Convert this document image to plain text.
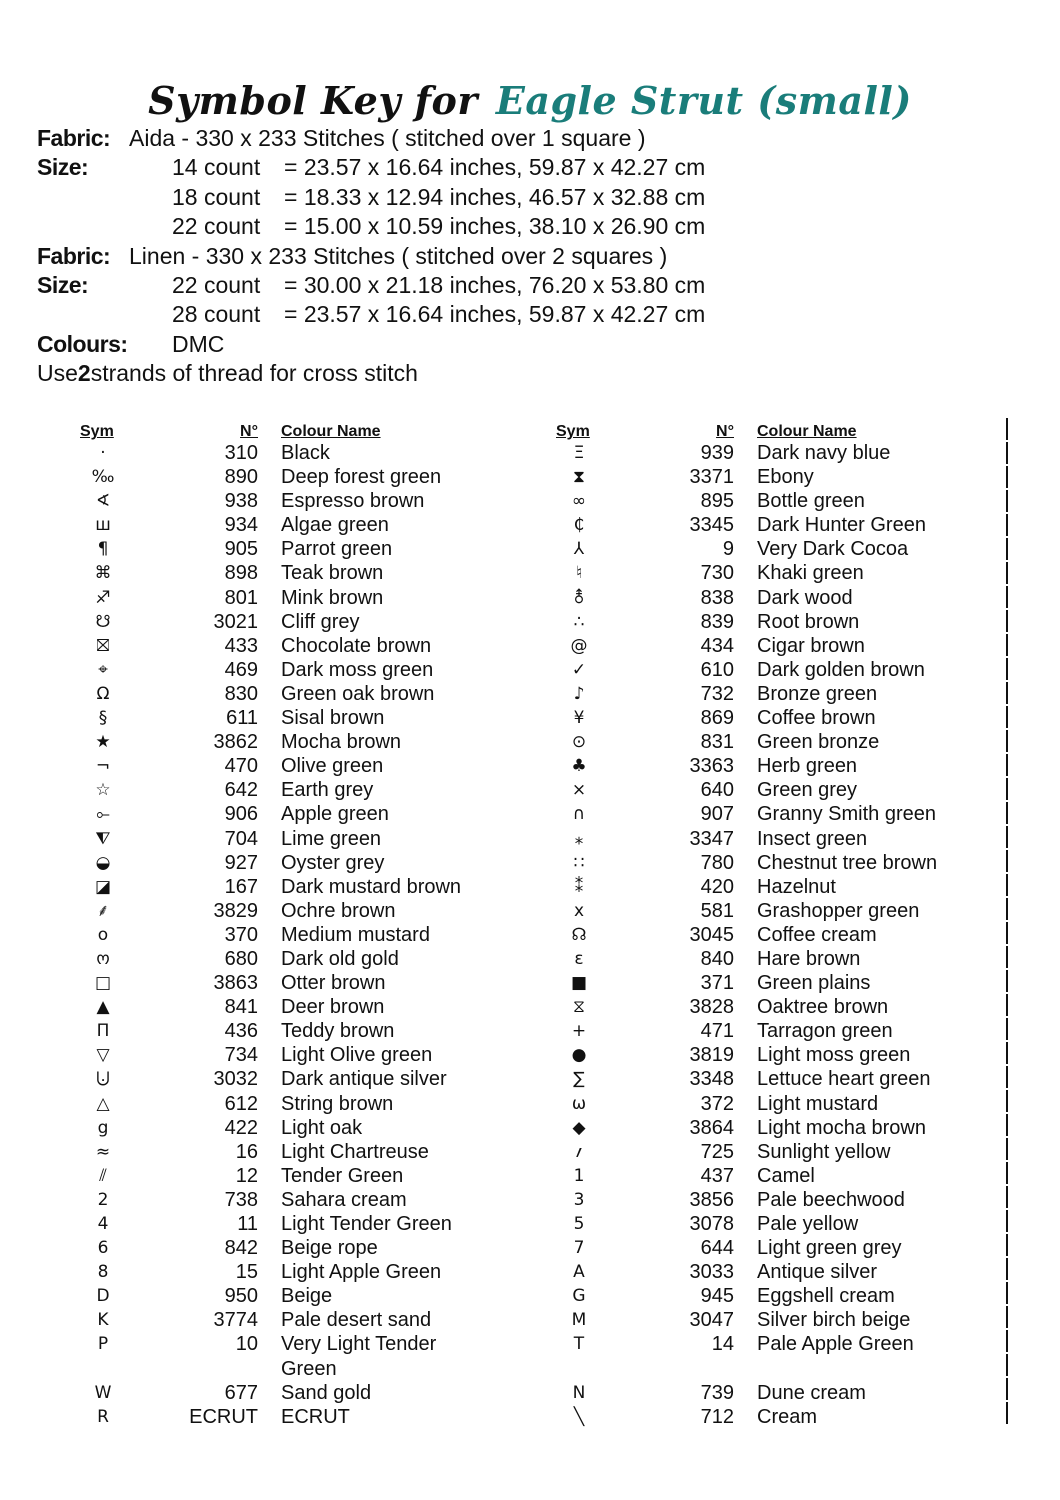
Symbol Key for Eagle Strut (small)
Fabric: Aida - 330 x 233 Stitches ( stitched over 1 square )
Size:	14 count	= 23.57 x 16.64 inches, 59.87 x 42.27 cm
18 count	= 18.33 x 12.94 inches, 46.57 x 32.88 cm
22 count	= 15.00 x 10.59 inches, 38.10 x 26.90 cm
Fabric: Linen - 330 x 233 Stitches ( stitched over 2 squares )
Size:	22 count	= 30.00 x 21.18 inches, 76.20 x 53.80 cm
28 count	= 23.57 x 16.64 inches, 59.87 x 42.27 cm
Colours:	DMC
Use 2 strands of thread for cross stitch
Sym	N°	Colour Name
·	310	Black
‰	890	Deep forest green
∢	938	Espresso brown
ш	934	Algae green
¶	905	Parrot green
⌘	898	Teak brown
♐	801	Mink brown
☋	3021	Cliff grey
⛝	433	Chocolate brown
⌖	469	Dark moss green
Ω	830	Green oak brown
§	611	Sisal brown
★	3862	Mocha brown
¬	470	Olive green
☆	642	Earth grey
⟜	906	Apple green
⧨	704	Lime green
◒	927	Oyster grey
◪	167	Dark mustard brown
⸙	3829	Ochre brown
o	370	Medium mustard
ო	680	Dark old gold
□	3863	Otter brown
▲	841	Deer brown
Π	436	Teddy brown
▽	734	Light Olive green
⨃	3032	Dark antique silver
△	612	String brown
g	422	Light oak
≈	16	Light Chartreuse
⫽	12	Tender Green
2	738	Sahara cream
4	11	Light Tender Green
6	842	Beige rope
8	15	Light Apple Green
D	950	Beige
K	3774	Pale desert sand
P	10	Very Light Tender Green
W	677	Sand gold
R	ECRUT	ECRUT
Sym	N°	Colour Name
Ξ	939	Dark navy blue
⧗	3371	Ebony
∞	895	Bottle green
₵	3345	Dark Hunter Green
⅄	9	Very Dark Cocoa
♮	730	Khaki green
⚨	838	Dark wood
∴	839	Root brown
@	434	Cigar brown
✓	610	Dark golden brown
♪	732	Bronze green
¥	869	Coffee brown
⊙	831	Green bronze
♣	3363	Herb green
⨯	640	Green grey
∩	907	Granny Smith green
⁎	3347	Insect green
∷	780	Chestnut tree brown
⁑	420	Hazelnut
x	581	Grashopper green
☊	3045	Coffee cream
ε	840	Hare brown
■	371	Green plains
⧖	3828	Oaktree brown
+	471	Tarragon green
●	3819	Light moss green
∑	3348	Lettuce heart green
ω	372	Light mustard
◆	3864	Light mocha brown
؍	725	Sunlight yellow
1	437	Camel
3	3856	Pale beechwood
5	3078	Pale yellow
7	644	Light green grey
A	3033	Antique silver
G	945	Eggshell cream
M	3047	Silver birch beige
T	14	Pale Apple Green
N	739	Dune cream
╲	712	Cream
